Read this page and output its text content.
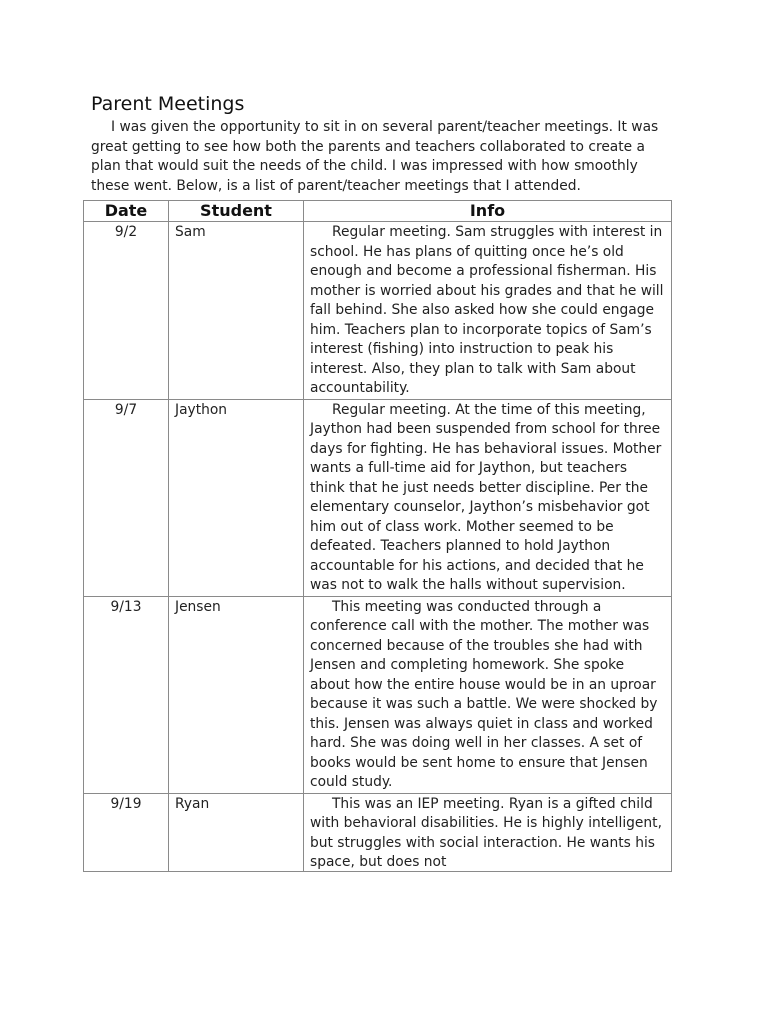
Parent Meetings

I was given the opportunity to sit in on several parent/teacher meetings. It was great getting to see how both the parents and teachers collaborated to create a plan that would suit the needs of the child. I was impressed with how smoothly these went. Below, is a list of parent/teacher meetings that I attended.

Date	Student	Info
9/2	Sam	Regular meeting. Sam struggles with interest in school. He has plans of quitting once he’s old enough and become a professional fisherman. His mother is worried about his grades and that he will fall behind. She also asked how she could engage him. Teachers plan to incorporate topics of Sam’s interest (fishing) into instruction to peak his interest. Also, they plan to talk with Sam about accountability.
9/7	Jaython	Regular meeting. At the time of this meeting, Jaython had been suspended from school for three days for fighting. He has behavioral issues. Mother wants a full-time aid for Jaython, but teachers think that he just needs better discipline. Per the elementary counselor, Jaython’s misbehavior got him out of class work. Mother seemed to be defeated. Teachers planned to hold Jaython accountable for his actions, and decided that he was not to walk the halls without supervision.
9/13	Jensen	This meeting was conducted through a conference call with the mother. The mother was concerned because of the troubles she had with Jensen and completing homework. She spoke about how the entire house would be in an uproar because it was such a battle. We were shocked by this. Jensen was always quiet in class and worked hard. She was doing well in her classes. A set of books would be sent home to ensure that Jensen could study.
9/19	Ryan	This was an IEP meeting. Ryan is a gifted child with behavioral disabilities. He is highly intelligent, but struggles with social interaction. He wants his space, but does not
